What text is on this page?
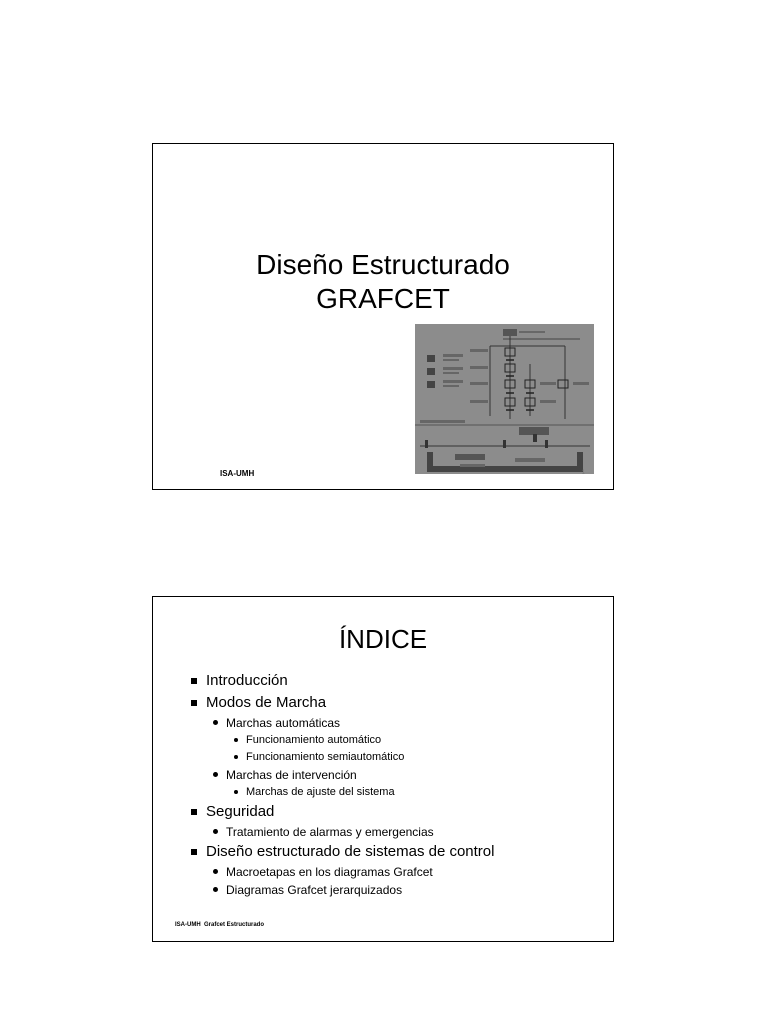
Diseño Estructurado
GRAFCET
ISA-UMH	1
ÍNDICE
Introducción
Modos de Marcha
Marchas automáticas
Funcionamiento automático
Funcionamiento semiautomático
Marchas de intervención
Marchas de ajuste del sistema
Seguridad
Tratamiento de alarmas y emergencias
Diseño estructurado de sistemas de control
Macroetapas en los diagramas Grafcet
Diagramas Grafcet jerarquizados
ISA-UMH  Grafcet Estructurado
